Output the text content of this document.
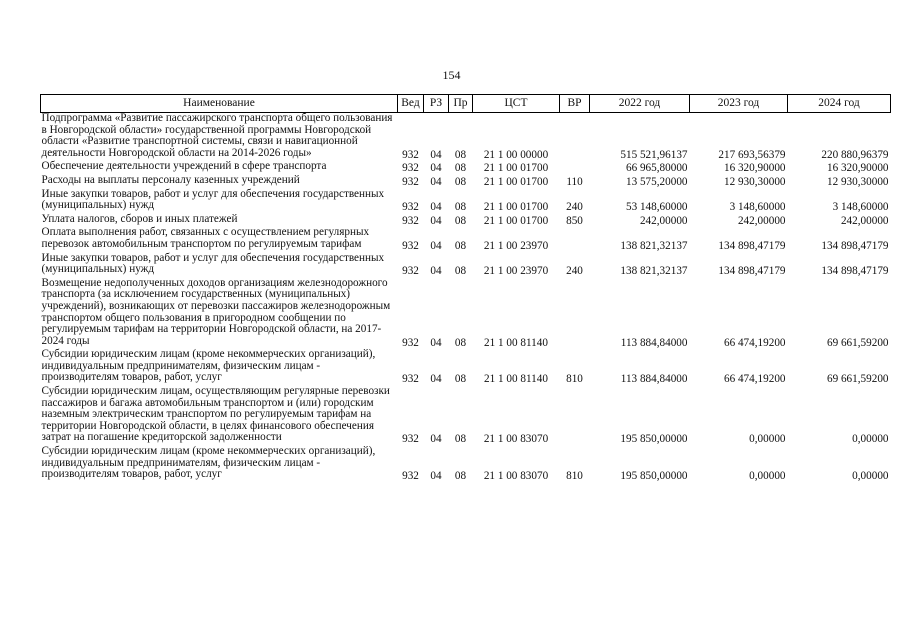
154
Наименование	Вед	РЗ	Пр	ЦСТ	ВР	2022 год	2023 год	2024 год
Подпрограмма «Развитие пассажирского транспорта общего пользования в Новгородской области» государственной программы Новгородской области «Развитие транспортной системы, связи и навигационной деятельности Новгородской области на 2014-2026 годы»	932	04	08	21 1 00 00000		515 521,96137	217 693,56379	220 880,96379
Обеспечение деятельности учреждений в сфере транспорта	932	04	08	21 1 00 01700		66 965,80000	16 320,90000	16 320,90000
Расходы на выплаты персоналу казенных учреждений	932	04	08	21 1 00 01700	110	13 575,20000	12 930,30000	12 930,30000
Иные закупки товаров, работ и услуг для обеспечения государственных (муниципальных) нужд	932	04	08	21 1 00 01700	240	53 148,60000	3 148,60000	3 148,60000
Уплата налогов, сборов и иных платежей	932	04	08	21 1 00 01700	850	242,00000	242,00000	242,00000
Оплата выполнения работ, связанных с осуществлением регулярных перевозок автомобильным транспортом по регулируемым тарифам	932	04	08	21 1 00 23970		138 821,32137	134 898,47179	134 898,47179
Иные закупки товаров, работ и услуг для обеспечения государственных (муниципальных) нужд	932	04	08	21 1 00 23970	240	138 821,32137	134 898,47179	134 898,47179
Возмещение недополученных доходов организациям железнодорожного транспорта (за исключением государственных (муниципальных) учреждений), возникающих от перевозки пассажиров железнодорожным транспортом общего пользования в пригородном сообщении по регулируемым тарифам на территории Новгородской области, на 2017-2024 годы	932	04	08	21 1 00 81140		113 884,84000	66 474,19200	69 661,59200
Субсидии юридическим лицам (кроме некоммерческих организаций), индивидуальным предпринимателям, физическим лицам - производителям товаров, работ, услуг	932	04	08	21 1 00 81140	810	113 884,84000	66 474,19200	69 661,59200
Субсидии юридическим лицам, осуществляющим регулярные перевозки пассажиров и багажа автомобильным транспортом и (или) городским наземным электрическим транспортом по регулируемым тарифам на территории Новгородской области, в целях финансового обеспечения затрат на погашение кредиторской задолженности	932	04	08	21 1 00 83070		195 850,00000	0,00000	0,00000
Субсидии юридическим лицам (кроме некоммерческих организаций), индивидуальным предпринимателям, физическим лицам - производителям товаров, работ, услуг	932	04	08	21 1 00 83070	810	195 850,00000	0,00000	0,00000
